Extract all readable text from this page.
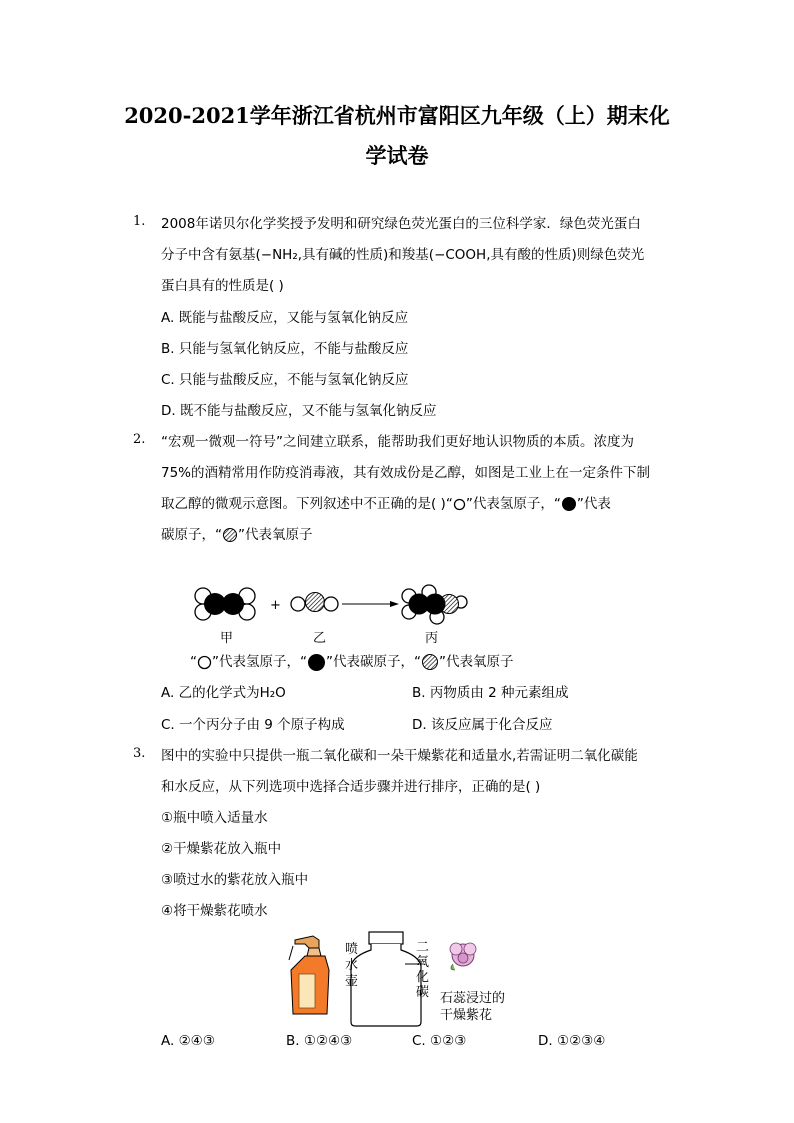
2020-2021学年浙江省杭州市富阳区九年级（上）期末化
学试卷
1. 2008年诺贝尔化学奖授予发明和研究绿色荧光蛋白的三位科学家．绿色荧光蛋白
分子中含有氨基(−NH₂,具有碱的性质)和羧基(−COOH,具有酸的性质)则绿色荧光
蛋白具有的性质是( )
A. 既能与盐酸反应，又能与氢氧化钠反应
B. 只能与氢氧化钠反应，不能与盐酸反应
C. 只能与盐酸反应，不能与氢氧化钠反应
D. 既不能与盐酸反应，又不能与氢氧化钠反应
2. “宏观一微观一符号”之间建立联系，能帮助我们更好地认识物质的本质。浓度为
75%的酒精常用作防疫消毒液，其有效成份是乙醇，如图是工业上在一定条件下制
取乙醇的微观示意图。下列叙述中不正确的是( )“ ”代表氢原子，“ ”代表
碳原子，“ ”代表氧原子
+
甲	乙	丙
“ ”代表氢原子，“ ”代表碳原子，“ ”代表氧原子
A. 乙的化学式为H₂O	B. 丙物质由 2 种元素组成
C. 一个丙分子由 9 个原子构成	D. 该反应属于化合反应
3. 图中的实验中只提供一瓶二氧化碳和一朵干燥紫花和适量水,若需证明二氧化碳能
和水反应，从下列选项中选择合适步骤并进行排序，正确的是( )
①瓶中喷入适量水
②干燥紫花放入瓶中
③喷过水的紫花放入瓶中
④将干燥紫花喷水
喷
水
壶
二
氧
化
碳 石蕊浸过的
干燥紫花
A. ②④③	B. ①②④③	C. ①②③	D. ①②③④
